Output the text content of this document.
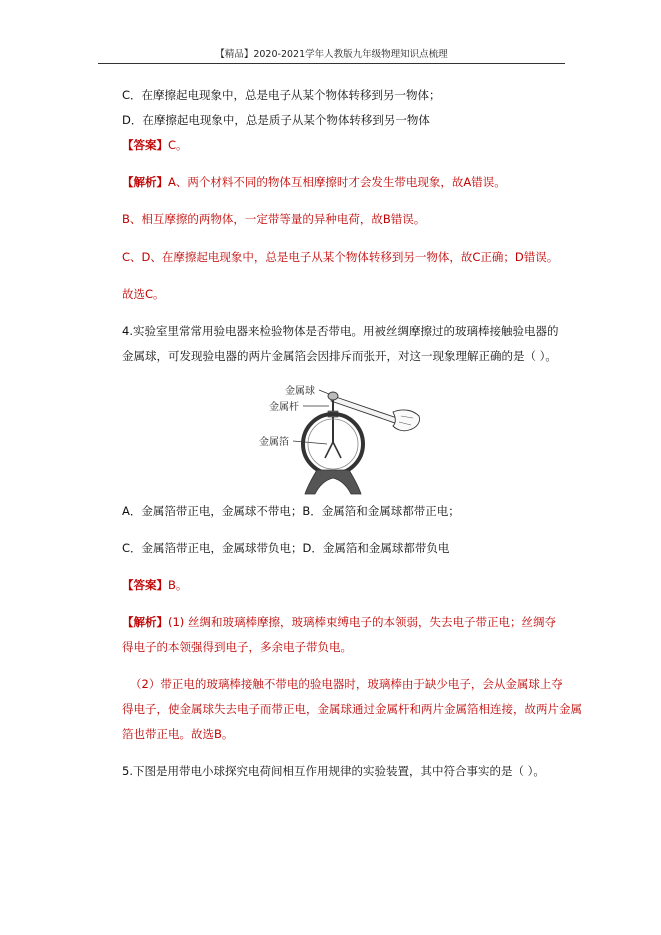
【精品】2020-2021学年人教版九年级物理知识点梳理
C．在摩擦起电现象中，总是电子从某个物体转移到另一物体；
D．在摩擦起电现象中，总是质子从某个物体转移到另一物体
【答案】C。
【解析】A、两个材料不同的物体互相摩擦时才会发生带电现象，故A错误。
B、相互摩擦的两物体，一定带等量的异种电荷，故B错误。
C、D、在摩擦起电现象中，总是电子从某个物体转移到另一物体，故C正确；D错误。
故选C。
4.实验室里常常用验电器来检验物体是否带电。用被丝绸摩擦过的玻璃棒接触验电器的
金属球，可发现验电器的两片金属箔会因排斥而张开，对这一现象理解正确的是（ ）。
金属球
金属杆
金属箔
A．金属箔带正电，金属球不带电；B．金属箔和金属球都带正电；
C．金属箔带正电，金属球带负电；D．金属箔和金属球都带负电
【答案】B。
【解析】(1) 丝绸和玻璃棒摩擦，玻璃棒束缚电子的本领弱，失去电子带正电；丝绸夺
得电子的本领强得到电子，多余电子带负电。
（2）带正电的玻璃棒接触不带电的验电器时，玻璃棒由于缺少电子，会从金属球上夺
得电子，使金属球失去电子而带正电，金属球通过金属杆和两片金属箔相连接，故两片金属
箔也带正电。故选B。
5.下图是用带电小球探究电荷间相互作用规律的实验装置，其中符合事实的是（ ）。
